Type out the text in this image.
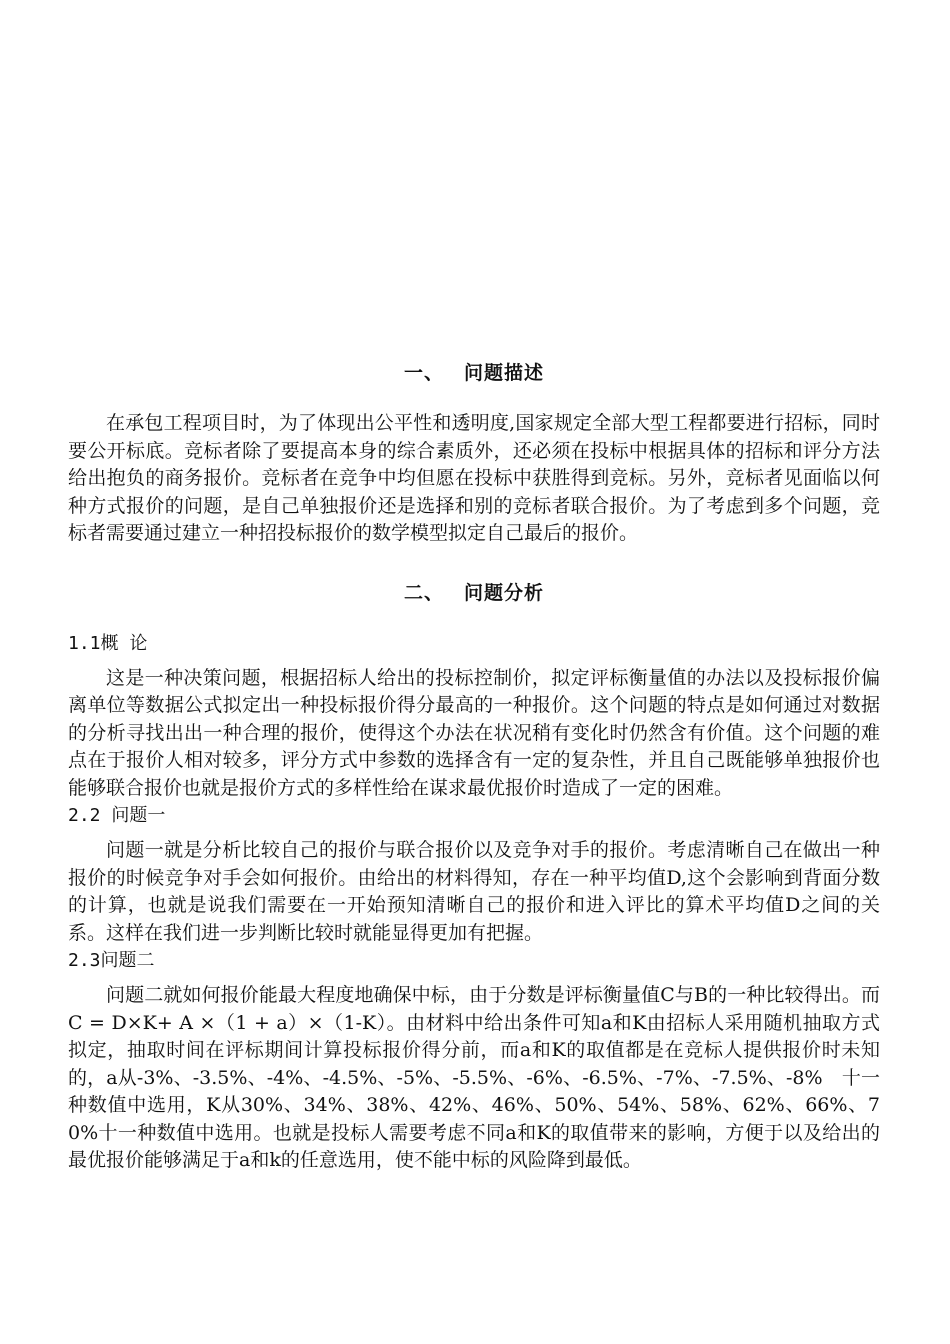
一、 问题描述

在承包工程项目时，为了体现出公平性和透明度,国家规定全部大型工程都要进行招标，同时要公开标底。竞标者除了要提高本身的综合素质外，还必须在投标中根据具体的招标和评分方法给出抱负的商务报价。竞标者在竞争中均但愿在投标中获胜得到竞标。另外，竞标者见面临以何种方式报价的问题，是自己单独报价还是选择和别的竞标者联合报价。为了考虑到多个问题，竞标者需要通过建立一种招投标报价的数学模型拟定自己最后的报价。

二、 问题分析

1.1概 论

这是一种决策问题，根据招标人给出的投标控制价，拟定评标衡量值的办法以及投标报价偏离单位等数据公式拟定出一种投标报价得分最高的一种报价。这个问题的特点是如何通过对数据的分析寻找出出一种合理的报价，使得这个办法在状况稍有变化时仍然含有价值。这个问题的难点在于报价人相对较多，评分方式中参数的选择含有一定的复杂性，并且自己既能够单独报价也能够联合报价也就是报价方式的多样性给在谋求最优报价时造成了一定的困难。

2.2 问题一

问题一就是分析比较自己的报价与联合报价以及竞争对手的报价。考虑清晰自己在做出一种报价的时候竞争对手会如何报价。由给出的材料得知，存在一种平均值D,这个会影响到背面分数的计算，也就是说我们需要在一开始预知清晰自己的报价和进入评比的算术平均值D之间的关系。这样在我们进一步判断比较时就能显得更加有把握。

2.3问题二

问题二就如何报价能最大程度地确保中标，由于分数是评标衡量值C与B的一种比较得出。而C = D×K+ A ×（1 + a）×（1-K）。由材料中给出条件可知a和K由招标人采用随机抽取方式拟定，抽取时间在评标期间计算投标报价得分前，而a和K的取值都是在竞标人提供报价时未知的，a从-3%、-3.5%、-4%、-4.5%、-5%、-5.5%、-6%、-6.5%、-7%、-7.5%、-8%　十一种数值中选用，K从30%、34%、38%、42%、46%、50%、54%、58%、62%、66%、70%十一种数值中选用。也就是投标人需要考虑不同a和K的取值带来的影响，方便于以及给出的最优报价能够满足于a和k的任意选用，使不能中标的风险降到最低。
